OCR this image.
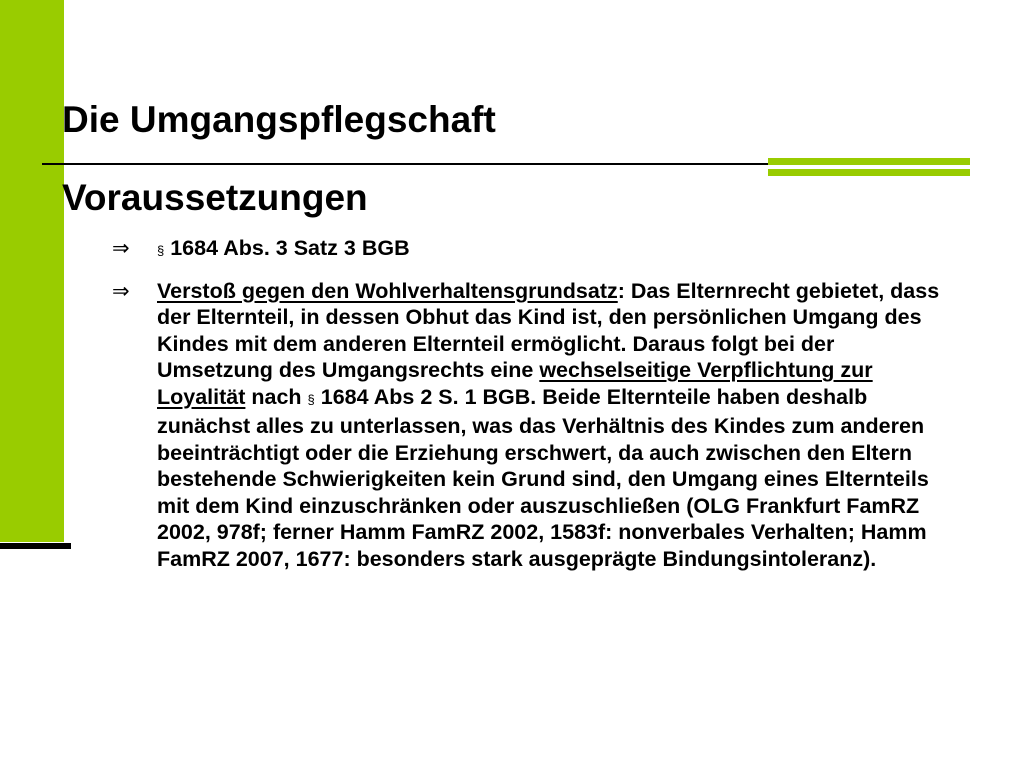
Die Umgangspflegschaft
Voraussetzungen
⇒ § 1684 Abs. 3 Satz 3 BGB
⇒ Verstoß gegen den Wohlverhaltensgrundsatz: Das Elternrecht gebietet, dass der Elternteil, in dessen Obhut das Kind ist, den persönlichen Umgang des Kindes mit dem anderen Elternteil ermöglicht. Daraus folgt bei der Umsetzung des Umgangsrechts eine wechselseitige Verpflichtung zur Loyalität nach § 1684 Abs 2 S. 1 BGB. Beide Elternteile haben deshalb zunächst alles zu unterlassen, was das Verhältnis des Kindes zum anderen beeinträchtigt oder die Erziehung erschwert, da auch zwischen den Eltern bestehende Schwierigkeiten kein Grund sind, den Umgang eines Elternteils mit dem Kind einzuschränken oder auszuschließen (OLG Frankfurt FamRZ 2002, 978f; ferner Hamm FamRZ 2002, 1583f: nonverbales Verhalten; Hamm FamRZ 2007, 1677: besonders stark ausgeprägte Bindungsintoleranz).
